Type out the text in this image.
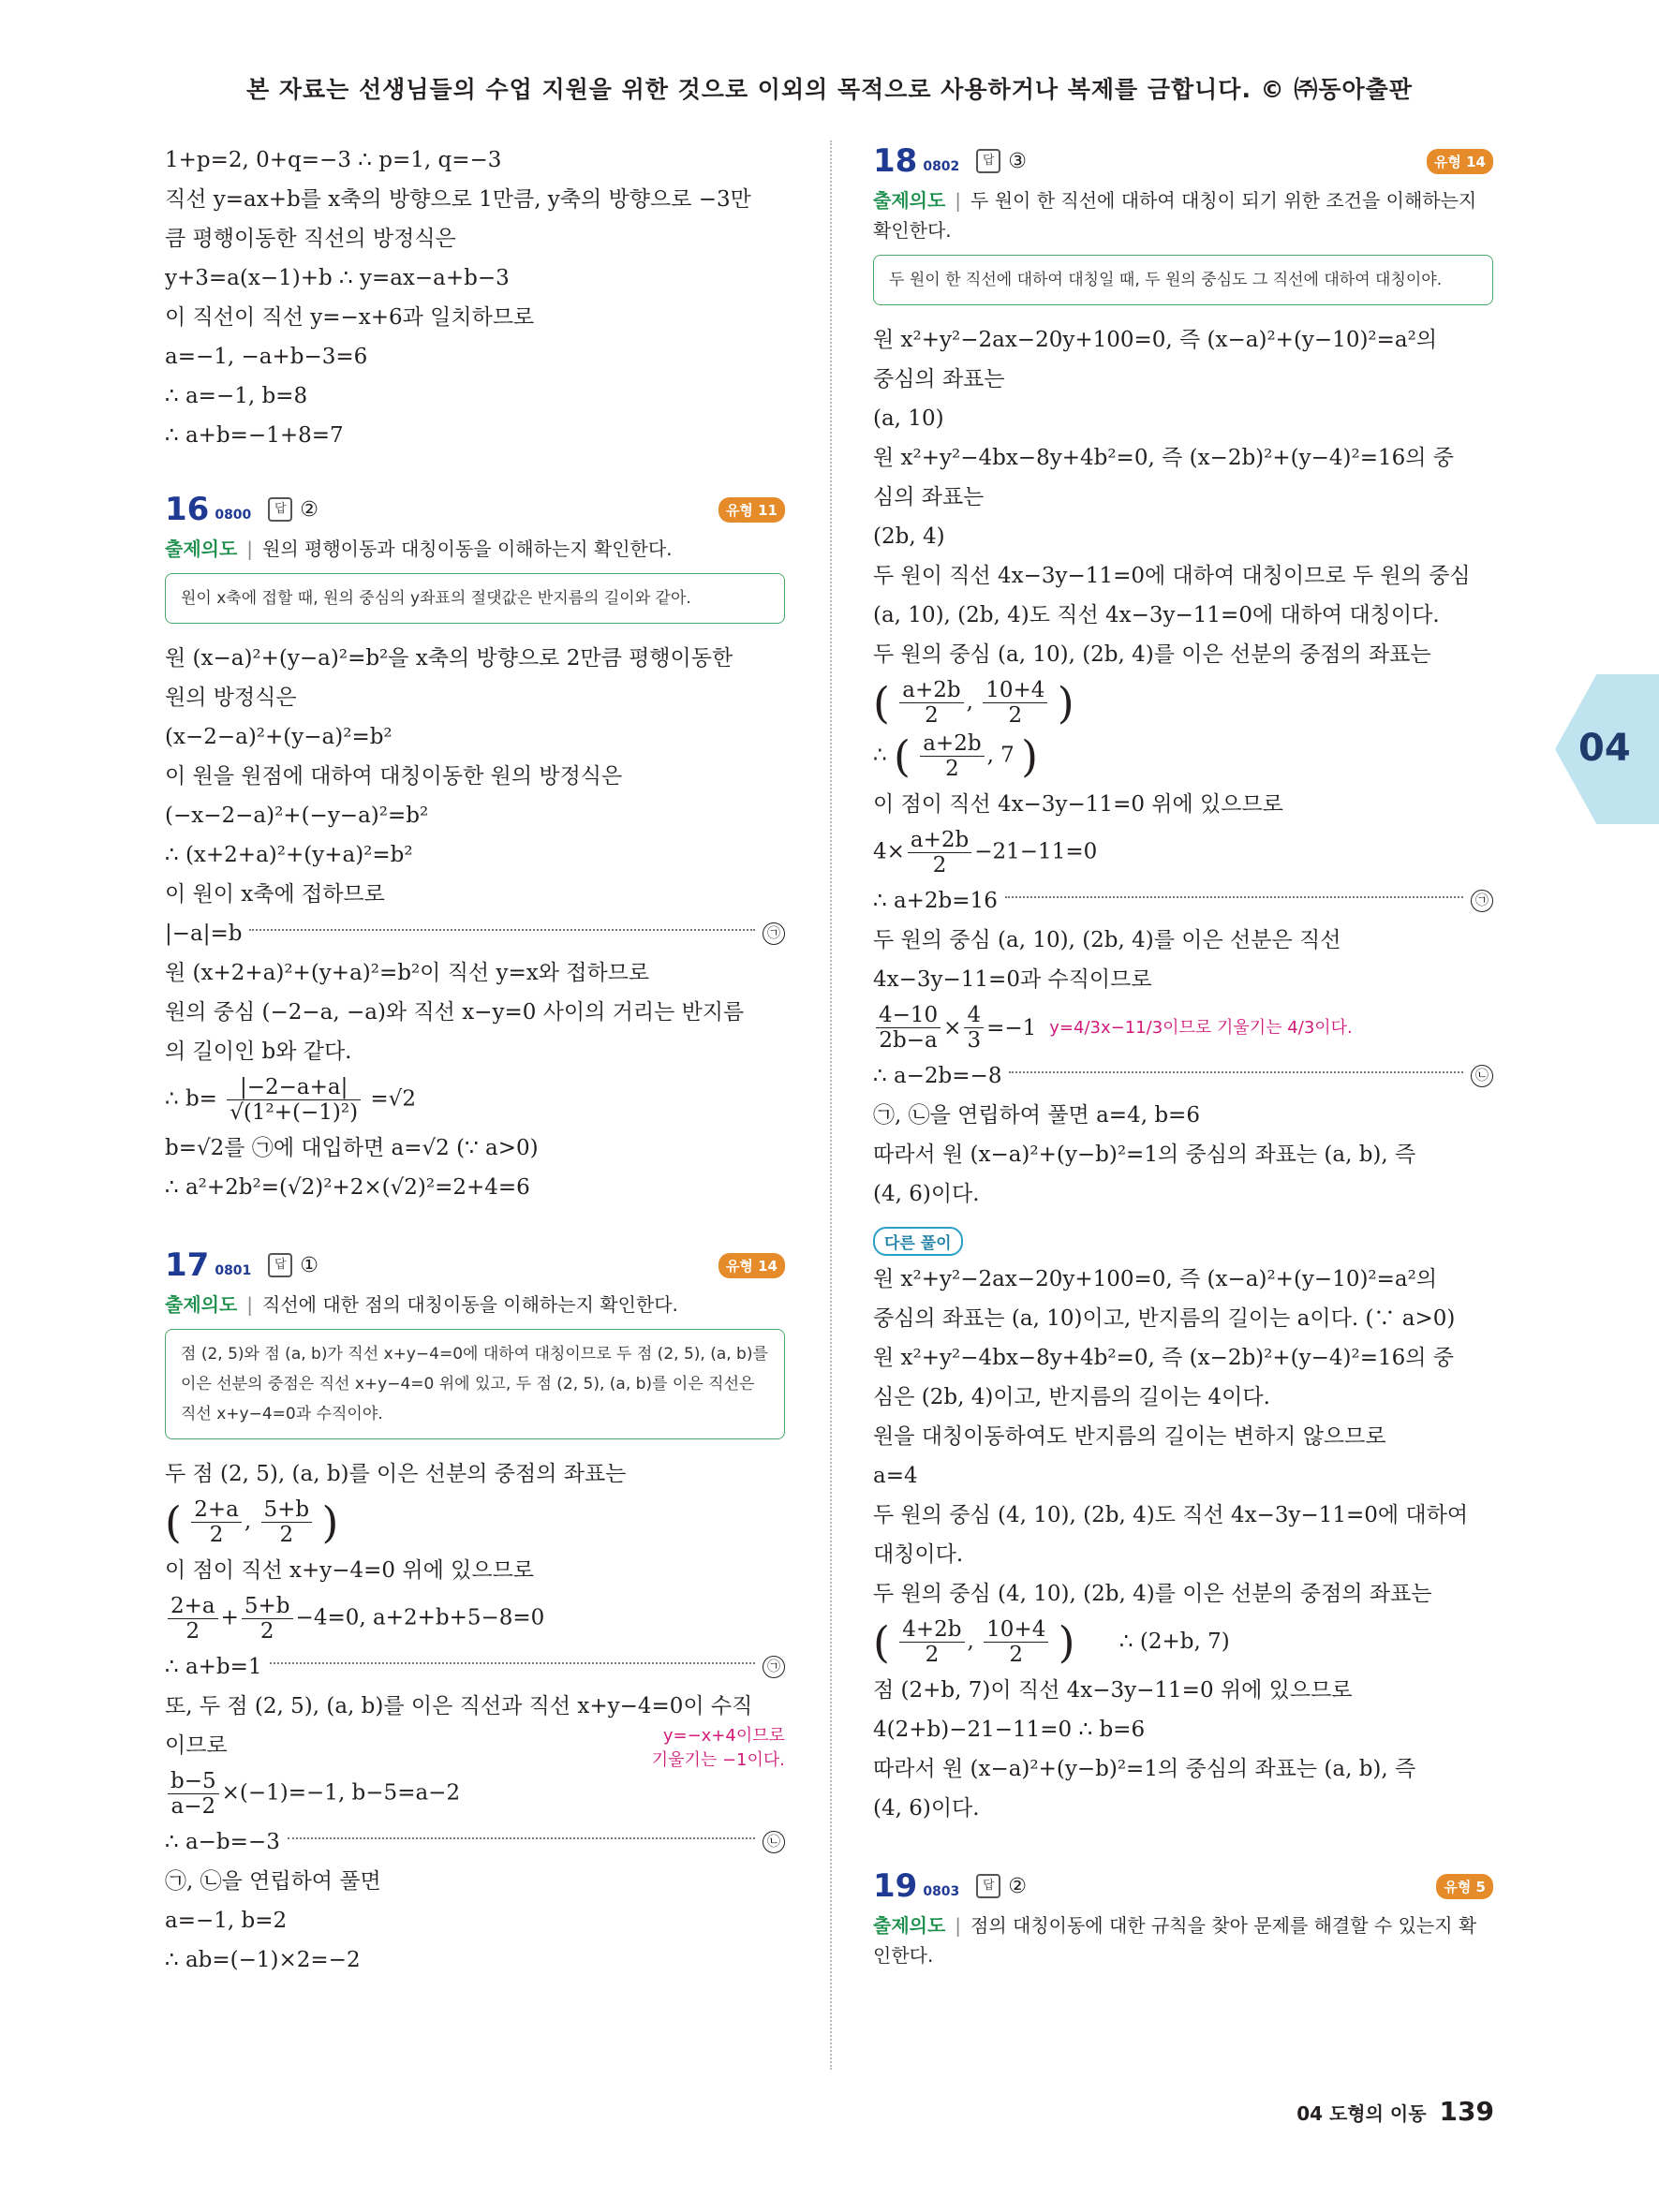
본 자료는 선생님들의 수업 지원을 위한 것으로 이외의 목적으로 사용하거나 복제를 금합니다. © ㈜동아출판
1+p=2, 0+q=−3 ∴ p=1, q=−3
직선 y=ax+b를 x축의 방향으로 1만큼, y축의 방향으로 −3만
큼 평행이동한 직선의 방정식은
y+3=a(x−1)+b ∴ y=ax−a+b−3
이 직선이 직선 y=−x+6과 일치하므로
a=−1, −a+b−3=6
∴ a=−1, b=8
∴ a+b=−1+8=7
16 0800	답 ②	유형 11
출제의도 | 원의 평행이동과 대칭이동을 이해하는지 확인한다.
원이 x축에 접할 때, 원의 중심의 y좌표의 절댓값은 반지름의 길이와 같아.
원 (x−a)²+(y−a)²=b²을 x축의 방향으로 2만큼 평행이동한
원의 방정식은
(x−2−a)²+(y−a)²=b²
이 원을 원점에 대하여 대칭이동한 원의 방정식은
(−x−2−a)²+(−y−a)²=b²
∴ (x+2+a)²+(y+a)²=b²
이 원이 x축에 접하므로
|−a|=b	㉠
원 (x+2+a)²+(y+a)²=b²이 직선 y=x와 접하므로
원의 중심 (−2−a, −a)와 직선 x−y=0 사이의 거리는 반지름
의 길이인 b와 같다.
∴ $b= \frac{|-2-a+a|}{\text{√(1²+(−1)²)}} =√2$
b=√2를 ㉠에 대입하면 a=√2 (∵ a>0)
∴ a²+2b²=(√2)²+2×(√2)²=2+4=6
17 0801	답 ①	유형 14
출제의도 | 직선에 대한 점의 대칭이동을 이해하는지 확인한다.
점 (2, 5)와 점 (a, b)가 직선 x+y−4=0에 대하여 대칭이므로 두 점 (2, 5), (a, b)를 이은 선분의 중점은 직선 x+y−4=0 위에 있고, 두 점 (2, 5), (a, b)를 이은 직선은 직선 x+y−4=0과 수직이야.
두 점 (2, 5), (a, b)를 이은 선분의 중점의 좌표는
( $\frac{2+a}{2}$ , $\frac{5+b}{2}$ )
이 점이 직선 x+y−4=0 위에 있으므로
$\frac{2+a}{2} + \frac{5+b}{2} -4=0$, a+2+b+5−8=0
∴ a+b=1	㉠
또, 두 점 (2, 5), (a, b)를 이은 직선과 직선 x+y−4=0이 수직
이므로	y=−x+4이므로
기울기는 −1이다.
$\frac{b-5}{a-2} \times(-1)=-1$, b−5=a−2
∴ a−b=−3	㉡
㉠, ㉡을 연립하여 풀면
a=−1, b=2
∴ ab=(−1)×2=−2
18 0802	답 ③	유형 14
출제의도 | 두 원이 한 직선에 대하여 대칭이 되기 위한 조건을 이해하는지 확인한다.
두 원이 한 직선에 대하여 대칭일 때, 두 원의 중심도 그 직선에 대하여 대칭이야.
원 x²+y²−2ax−20y+100=0, 즉 (x−a)²+(y−10)²=a²의
중심의 좌표는
(a, 10)
원 x²+y²−4bx−8y+4b²=0, 즉 (x−2b)²+(y−4)²=16의 중
심의 좌표는
(2b, 4)
두 원이 직선 4x−3y−11=0에 대하여 대칭이므로 두 원의 중심
(a, 10), (2b, 4)도 직선 4x−3y−11=0에 대하여 대칭이다.
두 원의 중심 (a, 10), (2b, 4)를 이은 선분의 중점의 좌표는
( $\frac{a+2b}{2}$ , $\frac{10+4}{2}$ )
∴ ( $\frac{a+2b}{2}$ , 7 )
이 점이 직선 4x−3y−11=0 위에 있으므로
$4\times \frac{a+2b}{2} -21-11=0$
∴ a+2b=16	㉠
두 원의 중심 (a, 10), (2b, 4)를 이은 선분은 직선
4x−3y−11=0과 수직이므로
$\frac{4-10}{2b-a} \times \frac{4}{3} =-1$ y=4/3x−11/3이므로 기울기는 4/3이다.
∴ a−2b=−8	㉡
㉠, ㉡을 연립하여 풀면 a=4, b=6
따라서 원 (x−a)²+(y−b)²=1의 중심의 좌표는 (a, b), 즉
(4, 6)이다.
다른 풀이
원 x²+y²−2ax−20y+100=0, 즉 (x−a)²+(y−10)²=a²의
중심의 좌표는 (a, 10)이고, 반지름의 길이는 a이다. (∵ a>0)
원 x²+y²−4bx−8y+4b²=0, 즉 (x−2b)²+(y−4)²=16의 중
심은 (2b, 4)이고, 반지름의 길이는 4이다.
원을 대칭이동하여도 반지름의 길이는 변하지 않으므로
a=4
두 원의 중심 (4, 10), (2b, 4)도 직선 4x−3y−11=0에 대하여
대칭이다.
두 원의 중심 (4, 10), (2b, 4)를 이은 선분의 중점의 좌표는
( $\frac{4+2b}{2}$ , $\frac{10+4}{2}$ ) ∴ (2+b, 7)
점 (2+b, 7)이 직선 4x−3y−11=0 위에 있으므로
4(2+b)−21−11=0 ∴ b=6
따라서 원 (x−a)²+(y−b)²=1의 중심의 좌표는 (a, b), 즉
(4, 6)이다.
19 0803	답 ②	유형 5
출제의도 | 점의 대칭이동에 대한 규칙을 찾아 문제를 해결할 수 있는지 확인한다.
04
04 도형의 이동 139
